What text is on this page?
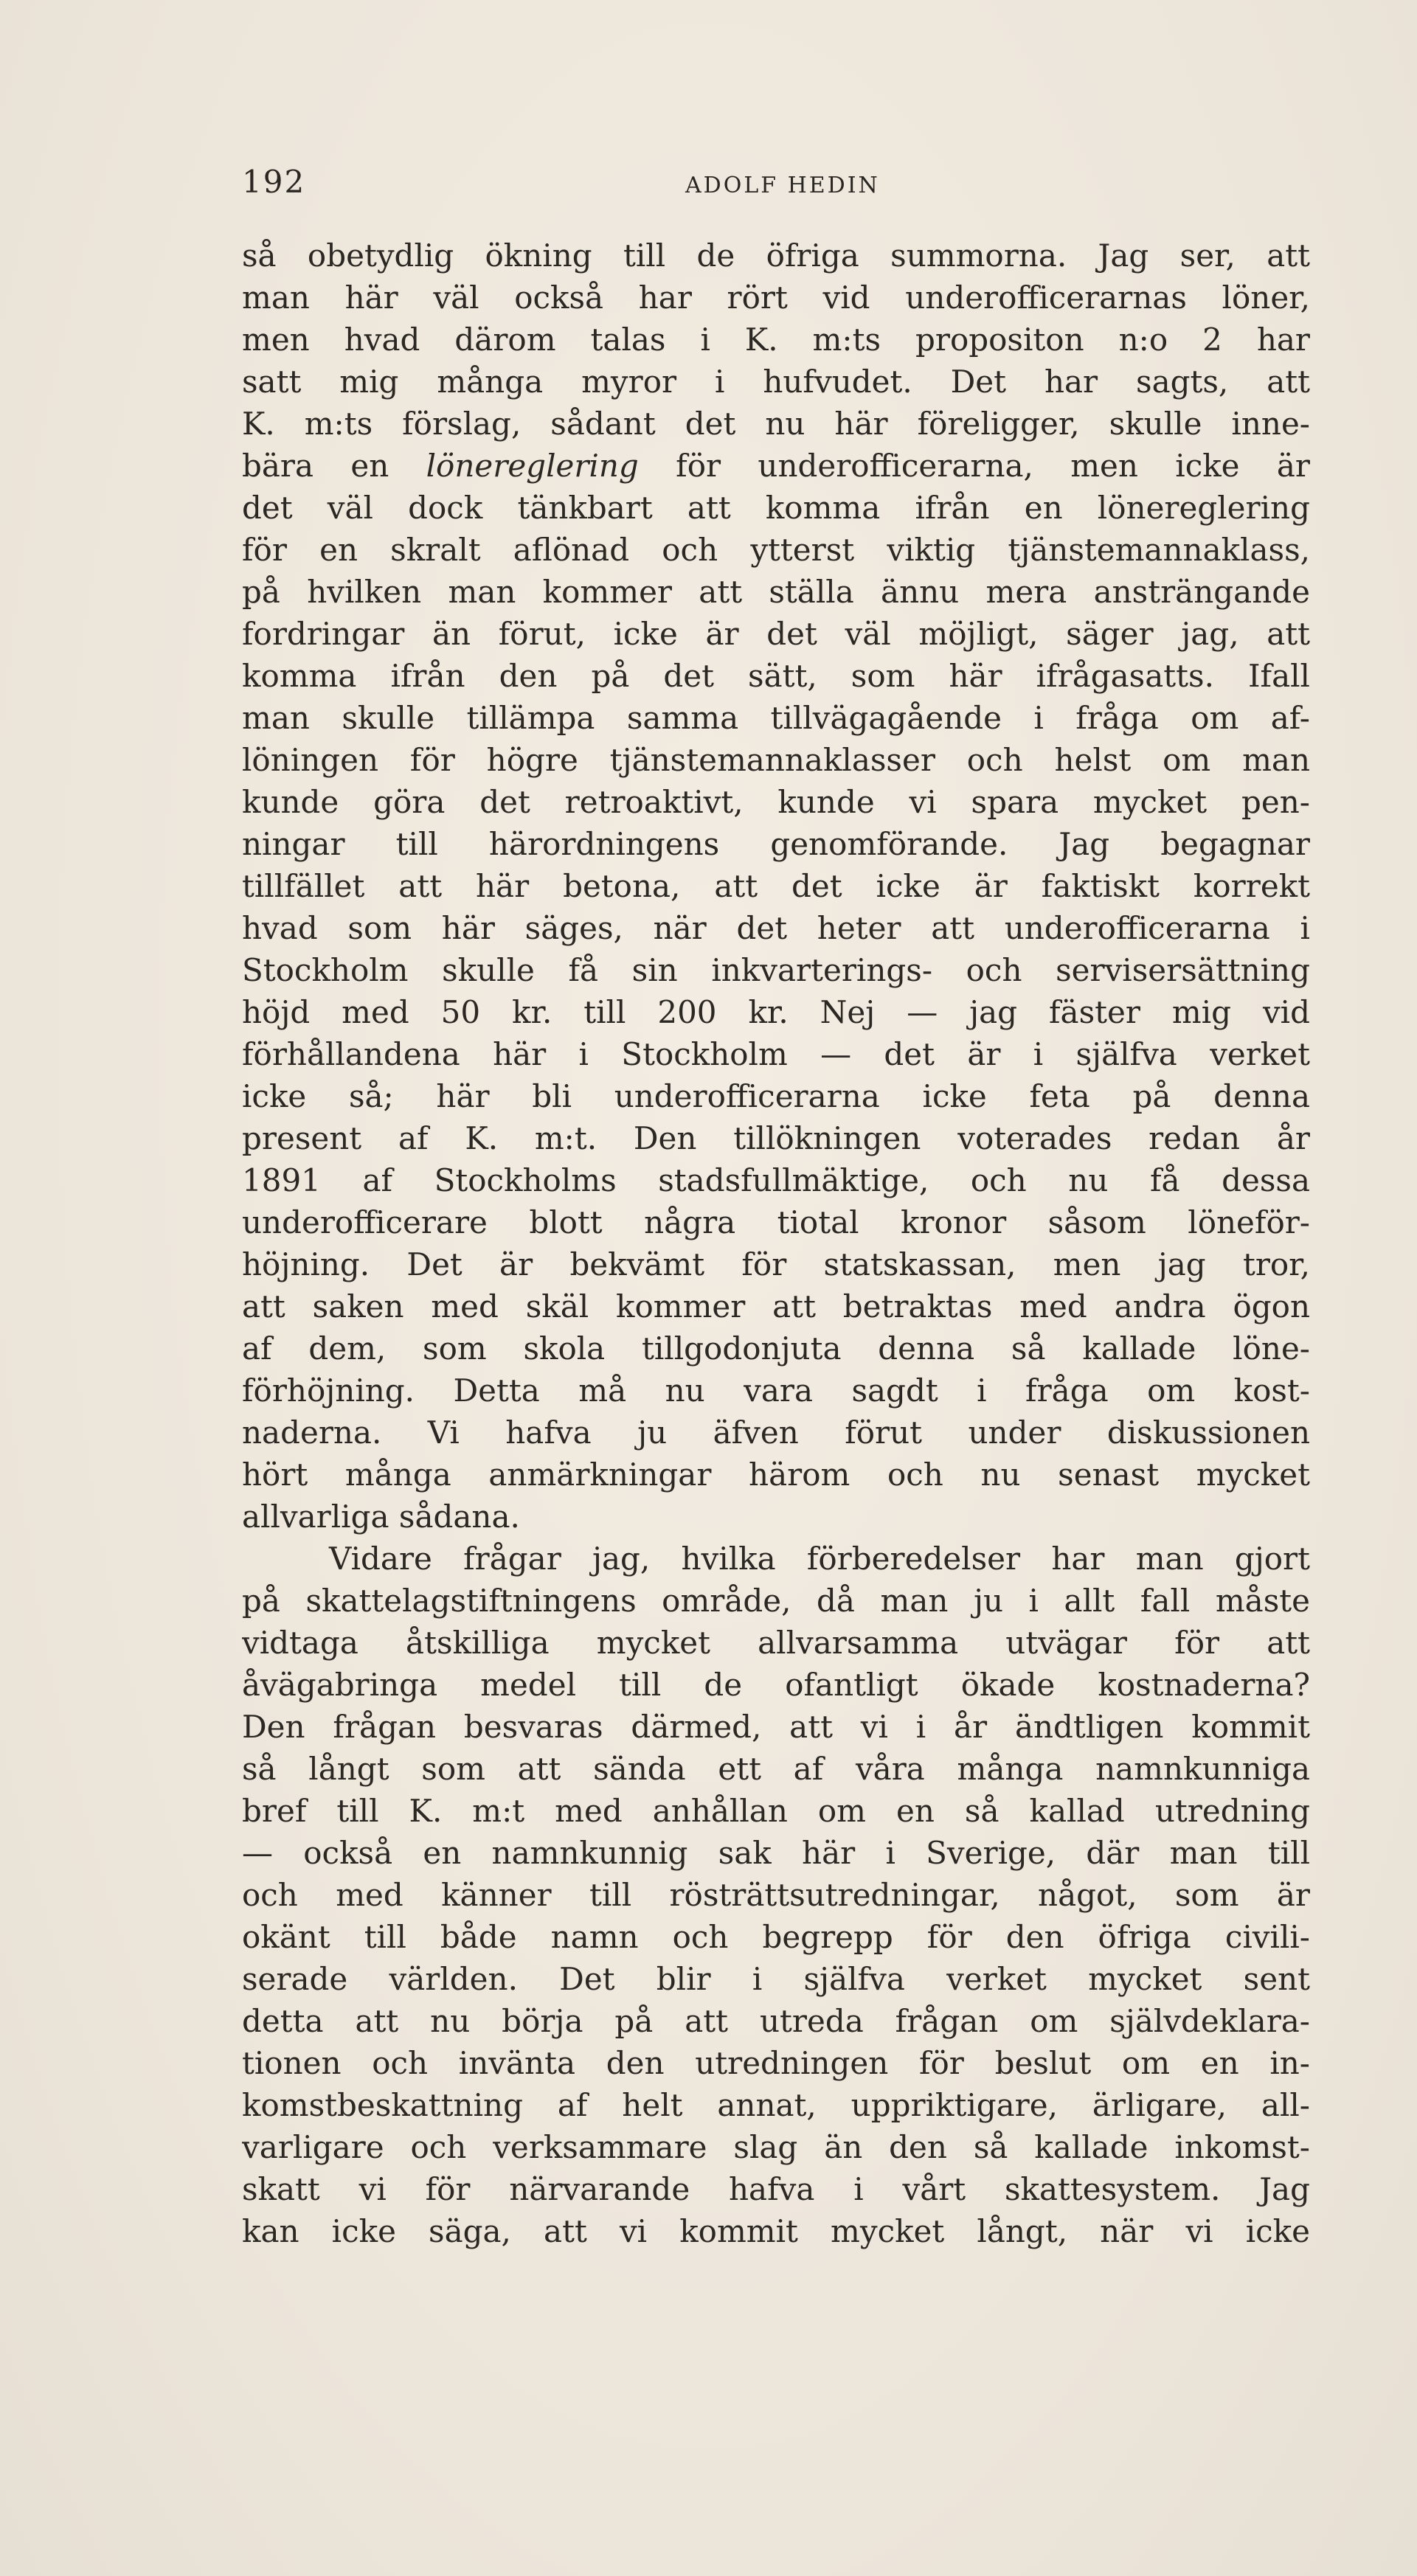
192	ADOLF HEDIN
så obetydlig ökning till de öfriga summorna. Jag ser, att
man här väl också har rört vid underofficerarnas löner,
men hvad därom talas i K. m:ts propositon n:o 2 har
satt mig många myror i hufvudet. Det har sagts, att
K. m:ts förslag, sådant det nu här föreligger, skulle inne-
bära en lönereglering för underofficerarna, men icke är
det väl dock tänkbart att komma ifrån en lönereglering
för en skralt aflönad och ytterst viktig tjänstemannaklass,
på hvilken man kommer att ställa ännu mera ansträngande
fordringar än förut, icke är det väl möjligt, säger jag, att
komma ifrån den på det sätt, som här ifrågasatts. Ifall
man skulle tillämpa samma tillvägagående i fråga om af-
löningen för högre tjänstemannaklasser och helst om man
kunde göra det retroaktivt, kunde vi spara mycket pen-
ningar till härordningens genomförande. Jag begagnar
tillfället att här betona, att det icke är faktiskt korrekt
hvad som här säges, när det heter att underofficerarna i
Stockholm skulle få sin inkvarterings- och servisersättning
höjd med 50 kr. till 200 kr. Nej — jag fäster mig vid
förhållandena här i Stockholm — det är i själfva verket
icke så; här bli underofficerarna icke feta på denna
present af K. m:t. Den tillökningen voterades redan år
1891 af Stockholms stadsfullmäktige, och nu få dessa
underofficerare blott några tiotal kronor såsom löneför-
höjning. Det är bekvämt för statskassan, men jag tror,
att saken med skäl kommer att betraktas med andra ögon
af dem, som skola tillgodonjuta denna så kallade löne-
förhöjning. Detta må nu vara sagdt i fråga om kost-
naderna. Vi hafva ju äfven förut under diskussionen
hört många anmärkningar härom och nu senast mycket
allvarliga sådana.
Vidare frågar jag, hvilka förberedelser har man gjort
på skattelagstiftningens område, då man ju i allt fall måste
vidtaga åtskilliga mycket allvarsamma utvägar för att
åvägabringa medel till de ofantligt ökade kostnaderna?
Den frågan besvaras därmed, att vi i år ändtligen kommit
så långt som att sända ett af våra många namnkunniga
bref till K. m:t med anhållan om en så kallad utredning
— också en namnkunnig sak här i Sverige, där man till
och med känner till rösträttsutredningar, något, som är
okänt till både namn och begrepp för den öfriga civili-
serade världen. Det blir i själfva verket mycket sent
detta att nu börja på att utreda frågan om självdeklara-
tionen och invänta den utredningen för beslut om en in-
komstbeskattning af helt annat, uppriktigare, ärligare, all-
varligare och verksammare slag än den så kallade inkomst-
skatt vi för närvarande hafva i vårt skattesystem. Jag
kan icke säga, att vi kommit mycket långt, när vi icke
